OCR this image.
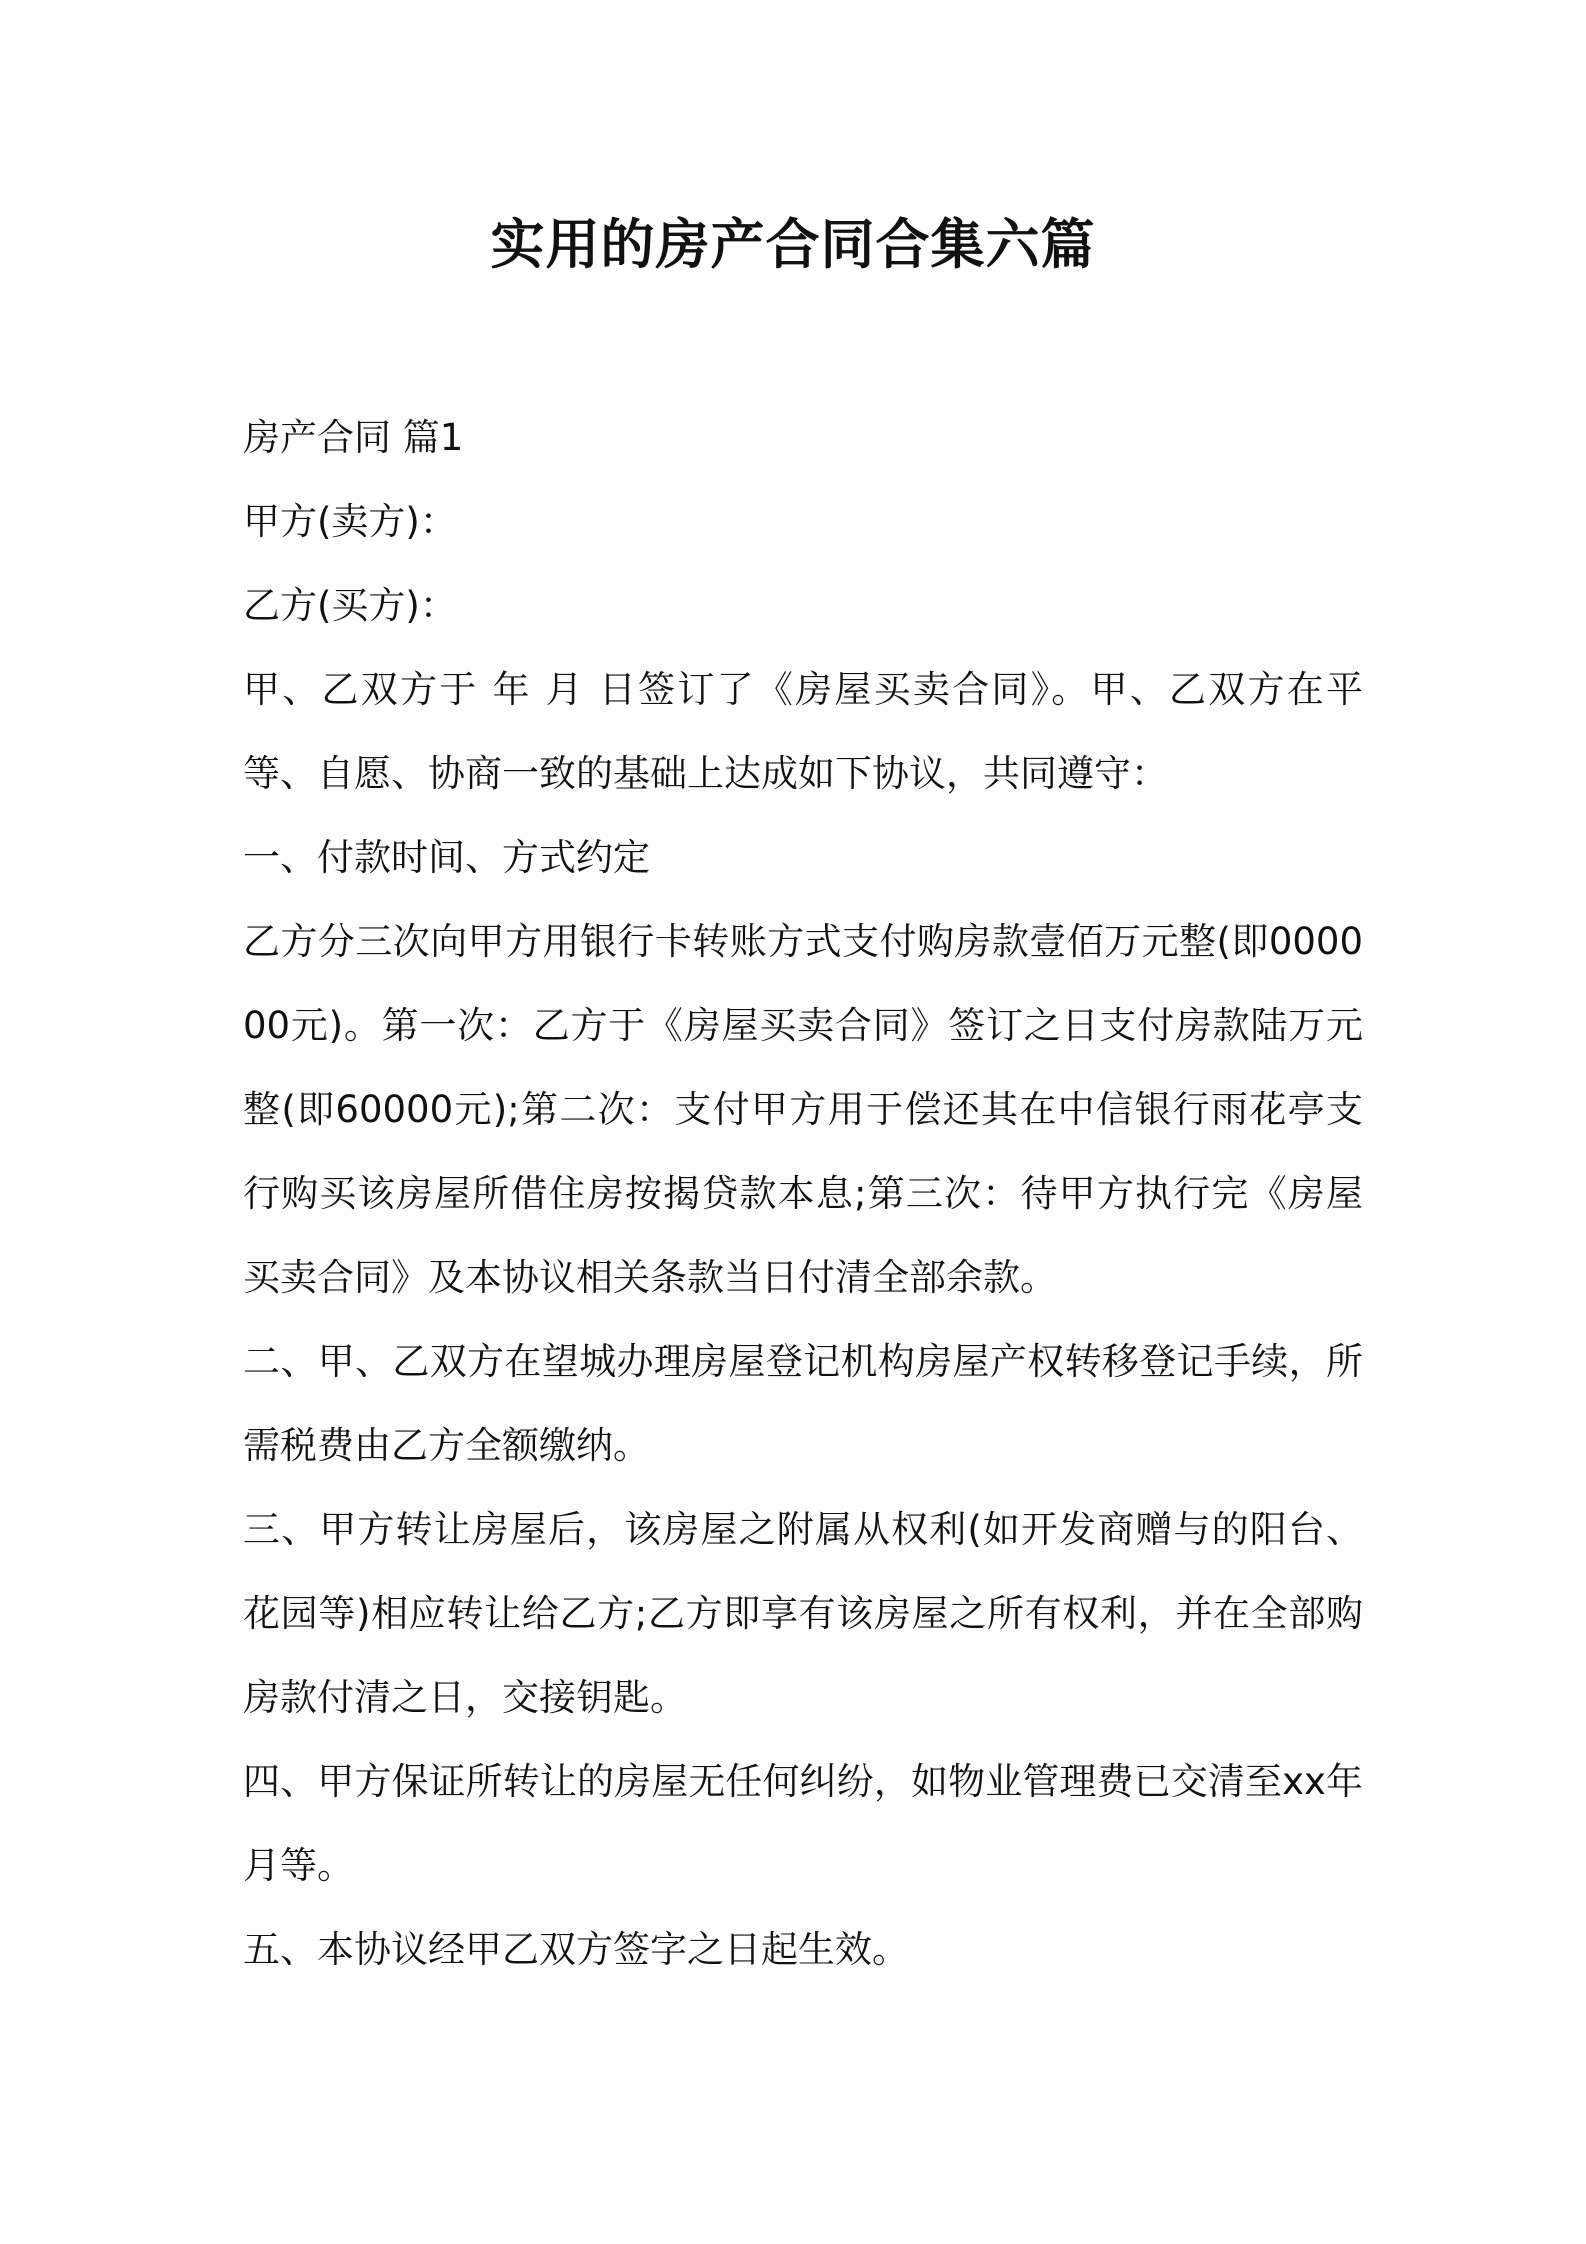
实用的房产合同合集六篇

房产合同 篇1

甲方(卖方)：

乙方(买方)：

甲、乙双方于 年 月 日签订了《房屋买卖合同》。甲、乙双方在平等、自愿、协商一致的基础上达成如下协议，共同遵守：

一、付款时间、方式约定

乙方分三次向甲方用银行卡转账方式支付购房款壹佰万元整(即000000元)。第一次：乙方于《房屋买卖合同》签订之日支付房款陆万元整(即60000元);第二次：支付甲方用于偿还其在中信银行雨花亭支行购买该房屋所借住房按揭贷款本息;第三次：待甲方执行完《房屋买卖合同》及本协议相关条款当日付清全部余款。

二、甲、乙双方在望城办理房屋登记机构房屋产权转移登记手续，所需税费由乙方全额缴纳。

三、甲方转让房屋后，该房屋之附属从权利(如开发商赠与的阳台、花园等)相应转让给乙方;乙方即享有该房屋之所有权利，并在全部购房款付清之日，交接钥匙。

四、甲方保证所转让的房屋无任何纠纷，如物业管理费已交清至xx年 月等。

五、本协议经甲乙双方签字之日起生效。
